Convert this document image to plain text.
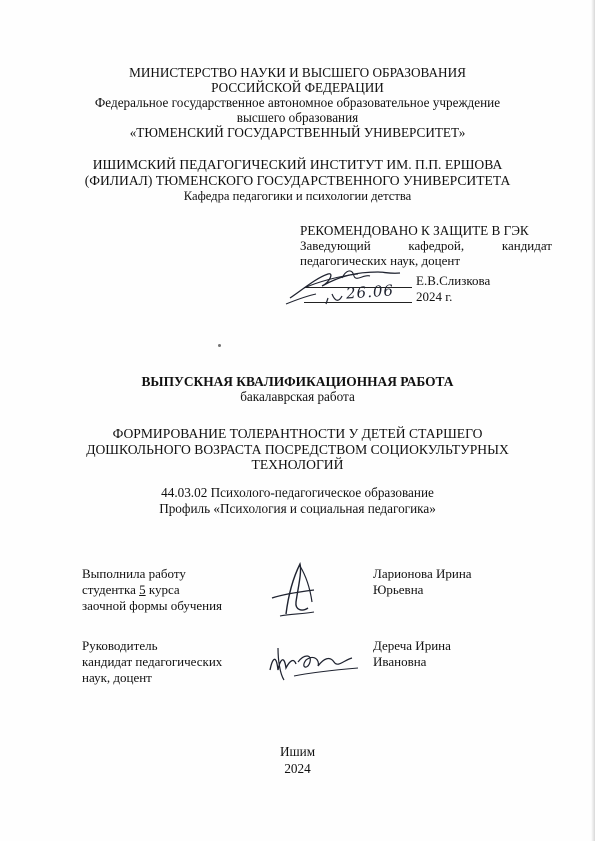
МИНИСТЕРСТВО НАУКИ И ВЫСШЕГО ОБРАЗОВАНИЯ
РОССИЙСКОЙ ФЕДЕРАЦИИ
Федеральное государственное автономное образовательное учреждение
высшего образования
«ТЮМЕНСКИЙ ГОСУДАРСТВЕННЫЙ УНИВЕРСИТЕТ»
ИШИМСКИЙ ПЕДАГОГИЧЕСКИЙ ИНСТИТУТ ИМ. П.П. ЕРШОВА
(ФИЛИАЛ) ТЮМЕНСКОГО ГОСУДАРСТВЕННОГО УНИВЕРСИТЕТА
Кафедра педагогики и психологии детства
РЕКОМЕНДОВАНО К ЗАЩИТЕ В ГЭК
Заведующий	кафедрой,	кандидат
педагогических наук, доцент
Е.В.Слизкова
2024 г.
26.06
ВЫПУСКНАЯ КВАЛИФИКАЦИОННАЯ РАБОТА
бакалаврская работа
ФОРМИРОВАНИЕ ТОЛЕРАНТНОСТИ У ДЕТЕЙ СТАРШЕГО
ДОШКОЛЬНОГО ВОЗРАСТА ПОСРЕДСТВОМ СОЦИОКУЛЬТУРНЫХ
ТЕХНОЛОГИЙ
44.03.02 Психолого-педагогическое образование
Профиль «Психология и социальная педагогика»
Выполнила работу
студентка 5 курса
заочной формы обучения
Ларионова Ирина
Юрьевна
Руководитель
кандидат педагогических
наук, доцент
Дереча Ирина
Ивановна
Ишим
2024
